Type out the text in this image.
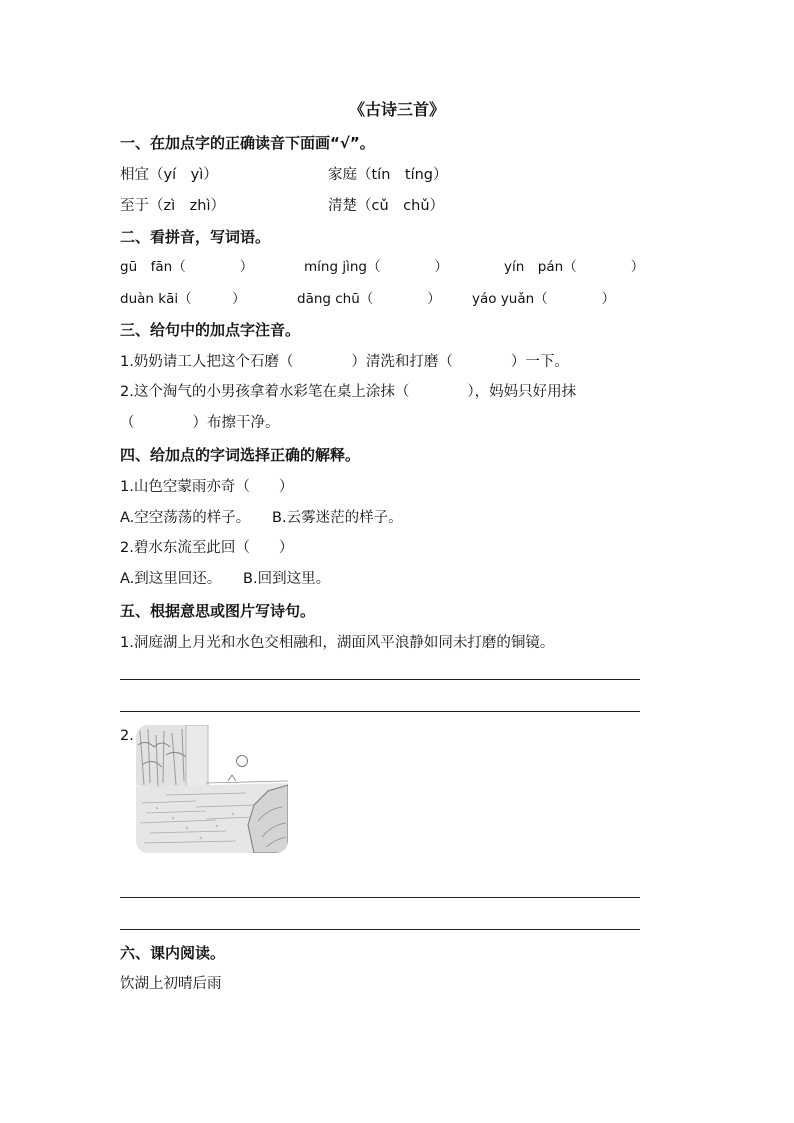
《古诗三首》
一、在加点字的正确读音下面画“√”。
相宜（yí　yì）	家庭（tín　tíng）
至于（zì　zhì）	清楚（cǔ　chǔ）
二、看拼音，写词语。
gū　fān（　　　　）	míng jìng（　　　　）	yín　pán（　　　　）
duàn kāi（　　　）	dāng chū（　　　　） yáo yuǎn（　　　　）
三、给句中的加点字注音。
1.奶奶请工人把这个石磨（　　　　）清洗和打磨（　　　　）一下。
2.这个淘气的小男孩拿着水彩笔在桌上涂抹（　　　　），妈妈只好用抹
（　　　　）布擦干净。
四、给加点的字词选择正确的解释。
1.山色空蒙雨亦奇（　　）
A.空空荡荡的样子。　　B.云雾迷茫的样子。
2.碧水东流至此回（　　）
A.到这里回还。　　B.回到这里。
五、根据意思或图片写诗句。
1.洞庭湖上月光和水色交相融和，湖面风平浪静如同未打磨的铜镜。
2.
六、课内阅读。
饮湖上初晴后雨
